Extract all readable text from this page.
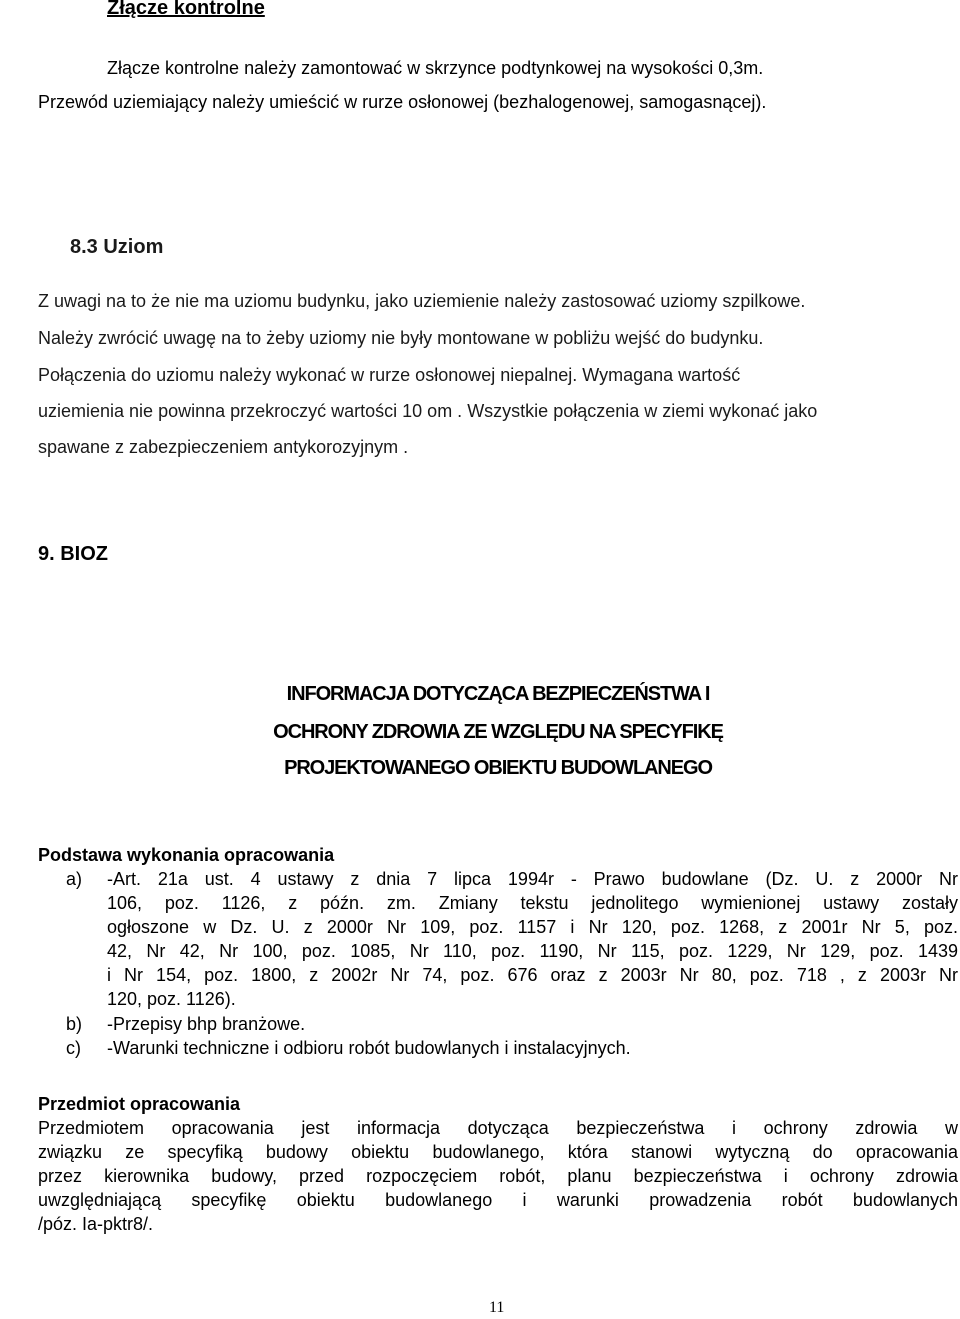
Złącze kontrolne
Złącze kontrolne należy zamontować w skrzynce podtynkowej na wysokości 0,3m.
Przewód uziemiający należy umieścić w rurze osłonowej (bezhalogenowej, samogasnącej).
8.3 Uziom
Z uwagi na to że nie ma uziomu budynku, jako uziemienie należy zastosować uziomy szpilkowe.
Należy zwrócić uwagę na to żeby uziomy nie były montowane w pobliżu wejść do budynku.
Połączenia do uziomu należy wykonać w rurze osłonowej niepalnej. Wymagana wartość
uziemienia nie powinna przekroczyć wartości 10 om . Wszystkie połączenia w ziemi wykonać jako
spawane z zabezpieczeniem antykorozyjnym .
9. BIOZ
INFORMACJA DOTYCZĄCA BEZPIECZEŃSTWA I
OCHRONY ZDROWIA ZE WZGLĘDU NA SPECYFIKĘ
PROJEKTOWANEGO OBIEKTU BUDOWLANEGO
Podstawa wykonania opracowania
a) -Art. 21a ust. 4 ustawy z dnia 7 lipca 1994r - Prawo budowlane (Dz. U. z 2000r Nr
106, poz. 1126, z późn. zm. Zmiany tekstu jednolitego wymienionej ustawy zostały
ogłoszone w Dz. U. z 2000r Nr 109, poz. 1157 i Nr 120, poz. 1268, z 2001r Nr 5, poz.
42, Nr 42, Nr 100, poz. 1085, Nr 110, poz. 1190, Nr 115, poz. 1229, Nr 129, poz. 1439
i Nr 154, poz. 1800, z 2002r Nr 74, poz. 676 oraz z 2003r Nr 80, poz. 718 , z 2003r Nr
120, poz. 1126).
b) -Przepisy bhp branżowe.
c) -Warunki techniczne i odbioru robót budowlanych i instalacyjnych.
Przedmiot opracowania
Przedmiotem opracowania jest informacja dotycząca bezpieczeństwa i ochrony zdrowia w
związku ze specyfiką budowy obiektu budowlanego, która stanowi wytyczną do opracowania
przez kierownika budowy, przed rozpoczęciem robót, planu bezpieczeństwa i ochrony zdrowia
uwzględniającą specyfikę obiektu budowlanego i warunki prowadzenia robót budowlanych
/póz. Ia-pktr8/.
11
